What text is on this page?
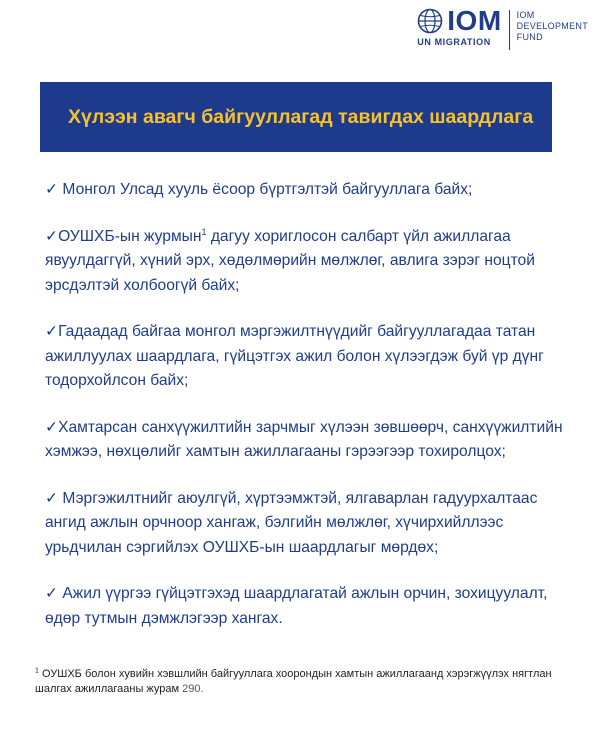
IOM
UN MIGRATION
IOM
DEVELOPMENT
FUND
Хүлээн авагч байгууллагад тавигдах шаардлага

✓ Монгол Улсад хууль ёсоор бүртгэлтэй байгууллага байх;

✓ОУШХБ-ын журмын$^1$ дагуу хориглосон салбарт үйл ажиллагаа явуулдаггүй, хүний эрх, хөдөлмөрийн мөлжлөг, авлига зэрэг ноцтой эрсдэлтэй холбоогүй байх;

✓Гадаадад байгаа монгол мэргэжилтнүүдийг байгууллагадаа татан ажиллуулах шаардлага, гүйцэтгэх ажил болон хүлээгдэж буй үр дүнг тодорхойлсон байх;

✓Хамтарсан санхүүжилтийн зарчмыг хүлээн зөвшөөрч, санхүүжилтийн хэмжээ, нөхцөлийг хамтын ажиллагааны гэрээгээр тохиролцох;

✓ Мэргэжилтнийг аюулгүй, хүртээмжтэй, ялгаварлан гадуурхалтаас ангид ажлын орчноор хангаж, бэлгийн мөлжлөг, хүчирхийллээс урьдчилан сэргийлэх ОУШХБ-ын шаардлагыг мөрдөх;

✓ Ажил үүргээ гүйцэтгэхэд шаардлагатай ажлын орчин, зохицуулалт, өдөр тутмын дэмжлэгээр хангах.

$^1$ ОУШХБ болон хувийн хэвшлийн байгууллага хоорондын хамтын ажиллагаанд хэрэгжүүлэх нягтлан шалгах ажиллагааны журам 290.
